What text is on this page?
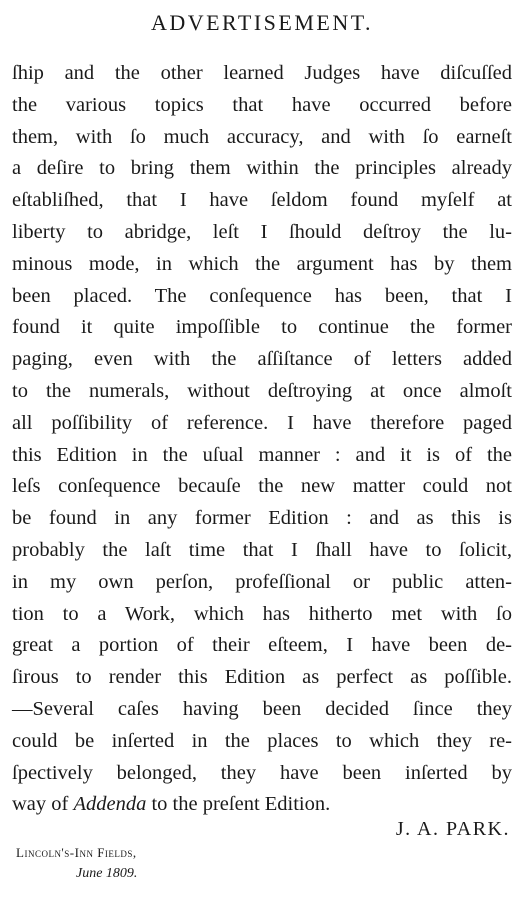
ADVERTISEMENT.
ſhip and the other learned Judges have diſcuſſed
the various topics that have occurred before
them, with ſo much accuracy, and with ſo earneſt
a deſire to bring them within the principles already
eſtabliſhed, that I have ſeldom found myſelf at
liberty to abridge, leſt I ſhould deſtroy the lu-
minous mode, in which the argument has by them
been placed. The conſequence has been, that I
found it quite impoſſible to continue the former
paging, even with the aſſiſtance of letters added
to the numerals, without deſtroying at once almoſt
all poſſibility of reference. I have therefore paged
this Edition in the uſual manner : and it is of the
leſs conſequence becauſe the new matter could not
be found in any former Edition : and as this is
probably the laſt time that I ſhall have to ſolicit,
in my own perſon, profeſſional or public atten-
tion to a Work, which has hitherto met with ſo
great a portion of their eſteem, I have been de-
ſirous to render this Edition as perfect as poſſible.
—Several caſes having been decided ſince they
could be inſerted in the places to which they re-
ſpectively belonged, they have been inſerted by
way of Addenda to the preſent Edition.
J. A. PARK.
Lincoln's-Inn Fields,
June 1809.
